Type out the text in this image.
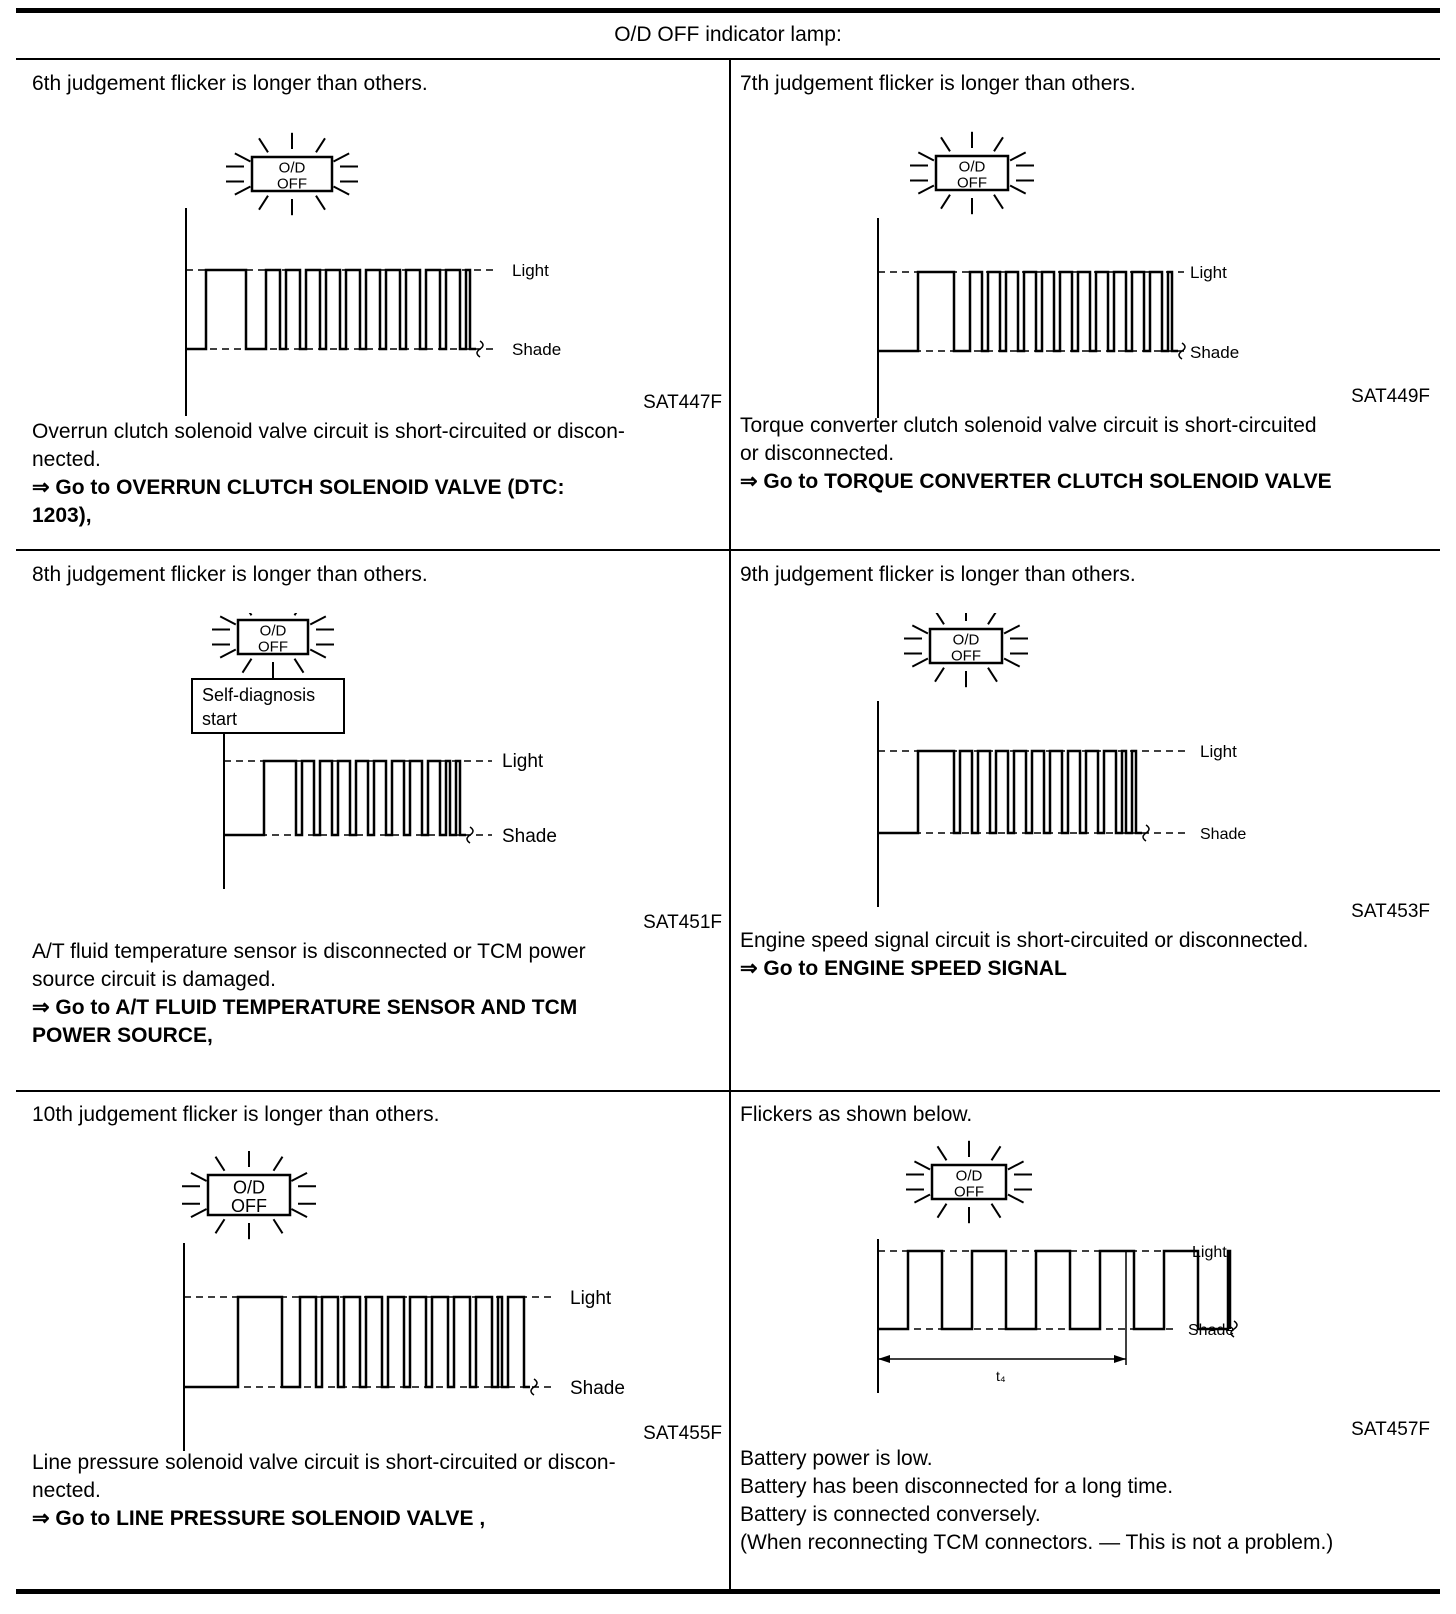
O/D OFF indicator lamp:
6th judgement flicker is longer than others.
O/D
OFF
Light
Shade
SAT447F

Overrun clutch solenoid valve circuit is short-circuited or discon-

nected.

⇒ Go to OVERRUN CLUTCH SOLENOID VALVE (DTC:

1203),

7th judgement flicker is longer than others.
O/D
OFF
Light
Shade
SAT449F

Torque converter clutch solenoid valve circuit is short-circuited

or disconnected.

⇒ Go to TORQUE CONVERTER CLUTCH SOLENOID VALVE

8th judgement flicker is longer than others.
O/D
OFF
Self-diagnosis
start
Light
Shade
SAT451F

A/T fluid temperature sensor is disconnected or TCM power

source circuit is damaged.

⇒ Go to A/T FLUID TEMPERATURE SENSOR AND TCM

POWER SOURCE,

9th judgement flicker is longer than others.
O/D
OFF
Light
Shade
SAT453F

Engine speed signal circuit is short-circuited or disconnected.

⇒ Go to ENGINE SPEED SIGNAL

10th judgement flicker is longer than others.
O/D
OFF
Light
Shade
SAT455F

Line pressure solenoid valve circuit is short-circuited or discon-

nected.

⇒ Go to LINE PRESSURE SOLENOID VALVE ,

Flickers as shown below.
O/D
OFF
t₄
Light
Shade
SAT457F

Battery power is low.

Battery has been disconnected for a long time.

Battery is connected conversely.

(When reconnecting TCM connectors. — This is not a problem.)
